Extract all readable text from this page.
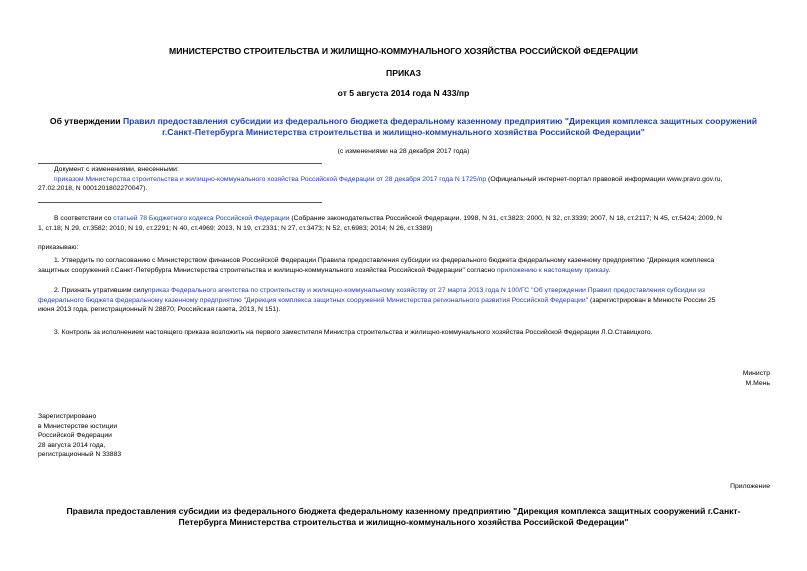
МИНИСТЕРСТВО СТРОИТЕЛЬСТВА И ЖИЛИЩНО-КОММУНАЛЬНОГО ХОЗЯЙСТВА РОССИЙСКОЙ ФЕДЕРАЦИИ
ПРИКАЗ
от 5 августа 2014 года N 433/пр

Об утверждении Правил предоставления субсидии из федерального бюджета федеральному казенному предприятию "Дирекция комплекса защитных сооружений

г.Санкт-Петербурга Министерства строительства и жилищно-коммунального хозяйства Российской Федерации"

(с изменениями на 28 декабря 2017 года)

Документ с изменениями, внесенными:

приказом Министерства строительства и жилищно-коммунального хозяйства Российской Федерации от 28 декабря 2017 года N 1725/пр (Официальный интернет-портал правовой информации www.pravo.gov.ru,

27.02.2018, N 0001201802270047).

В соответствии со статьей 78 Бюджетного кодекса Российской Федерации (Собрание законодательства Российской Федерации, 1998, N 31, ст.3823; 2000, N 32, ст.3339; 2007, N 18, ст.2117; N 45, ст.5424; 2009, N

1, ст.18; N 29, ст.3582; 2010, N 19, ст.2291; N 40, ст.4969; 2013, N 19, ст.2331; N 27, ст.3473; N 52, ст.6983; 2014; N 26, ст.3389)

приказываю:

1. Утвердить по согласованию с Министерством финансов Российской Федерации Правила предоставления субсидии из федерального бюджета федеральному казенному предприятию "Дирекция комплекса

защитных сооружений г.Санкт-Петербурга Министерства строительства и жилищно-коммунального хозяйства Российской Федерации" согласно приложению к настоящему приказу.

2. Признать утратившим силуприказ Федерального агентства по строительству и жилищно-коммунальному хозяйству от 27 марта 2013 года N 100/ГС "Об утверждении Правил предоставления субсидии из

федерального бюджета федеральному казенному предприятию "Дирекция комплекса защитных сооружений Министерства регионального развития Российской Федерации" (зарегистрирован в Минюсте России 25

июня 2013 года, регистрационный N 28870; Российская газета, 2013, N 151).

3. Контроль за исполнением настоящего приказа возложить на первого заместителя Министра строительства и жилищно-коммунального хозяйства Российской Федерации Л.О.Ставицкого.

Министр

М.Мень

Зарегистрировано

в Министерстве юстиции

Российской Федерации

28 августа 2014 года,

регистрационный N 33883

Приложение

Правила предоставления субсидии из федерального бюджета федеральному казенному предприятию "Дирекция комплекса защитных сооружений г.Санкт-

Петербурга Министерства строительства и жилищно-коммунального хозяйства Российской Федерации"
